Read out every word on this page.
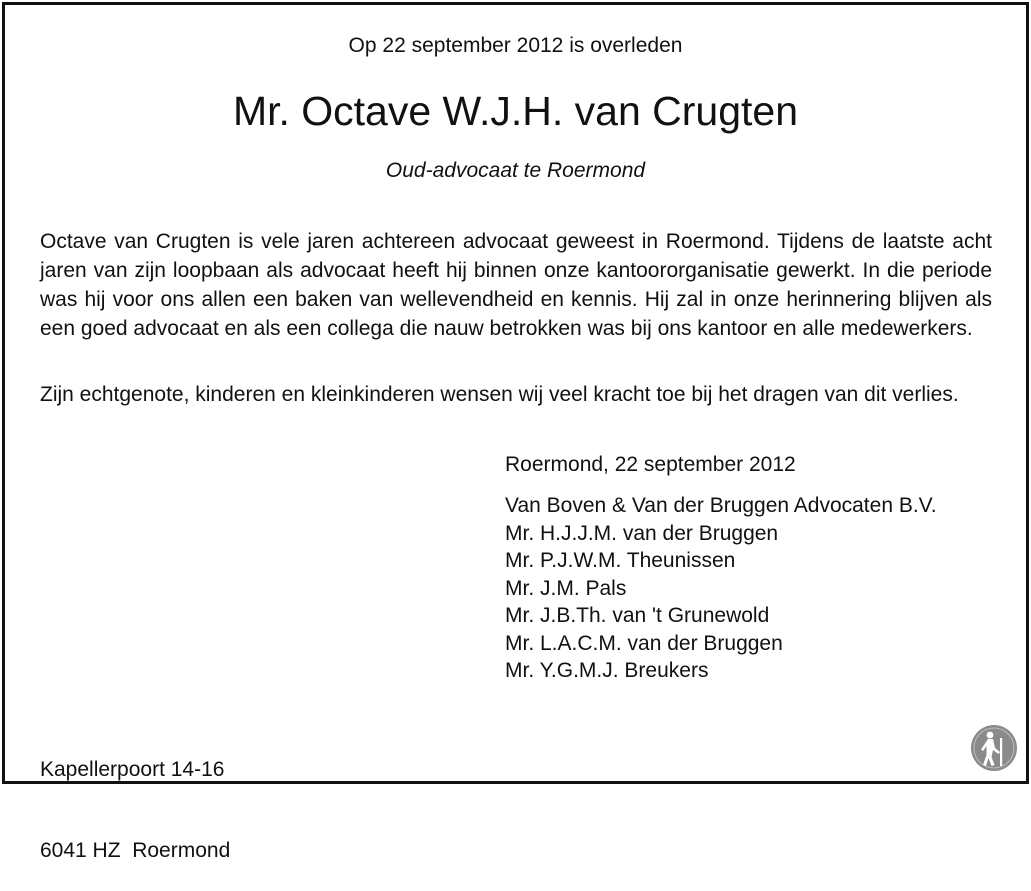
Op 22 september 2012 is overleden
Mr. Octave W.J.H. van Crugten
Oud-advocaat te Roermond

Octave van Crugten is vele jaren achtereen advocaat geweest in Roermond. Tijdens de laatste acht jaren van zijn loopbaan als advocaat heeft hij binnen onze kantoororganisatie gewerkt. In die periode was hij voor ons allen een baken van wellevendheid en kennis. Hij zal in onze herinnering blijven als een goed advocaat en als een collega die nauw betrokken was bij ons kantoor en alle medewerkers.

Zijn echtgenote, kinderen en kleinkinderen wensen wij veel kracht toe bij het dragen van dit verlies.

Roermond, 22 september 2012
Van Boven & Van der Bruggen Advocaten B.V.
Mr. H.J.J.M. van der Bruggen
Mr. P.J.W.M. Theunissen
Mr. J.M. Pals
Mr. J.B.Th. van 't Grunewold
Mr. L.A.C.M. van der Bruggen
Mr. Y.G.M.J. Breukers

Kapellerpoort 14-16

6041 HZ  Roermond
